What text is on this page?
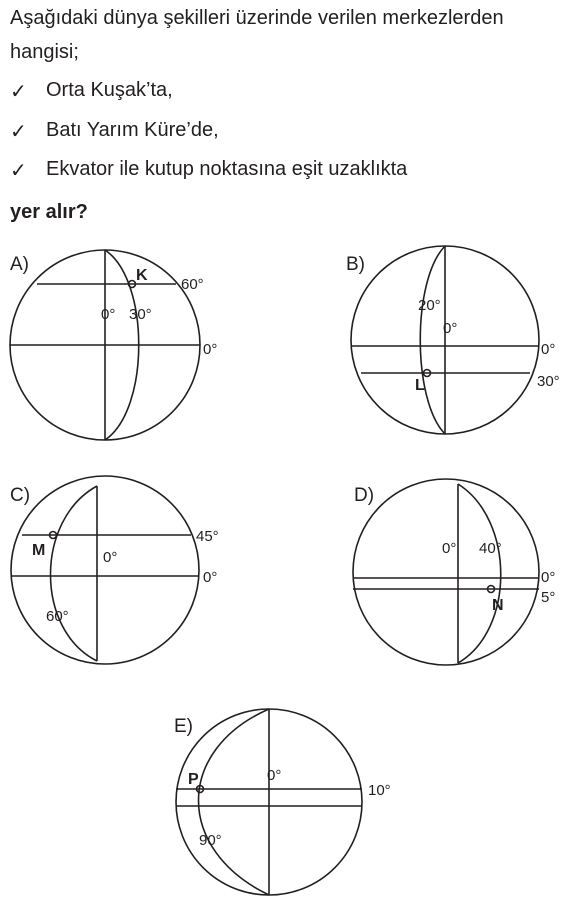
Aşağıdaki dünya şekilleri üzerinde verilen merkezlerden
hangisi;
✓ Orta Kuşak’ta,
✓ Batı Yarım Küre’de,
✓ Ekvator ile kutup noktasına eşit uzaklıkta
yer alır?
A)
K
60°
0° 30°
0°
B)
L
20°
0°
0°
30°
C)
M
45°
0°
0°
60°
D)
N
0° 40°
0°
5°
E)
P	0°
10°
90°
